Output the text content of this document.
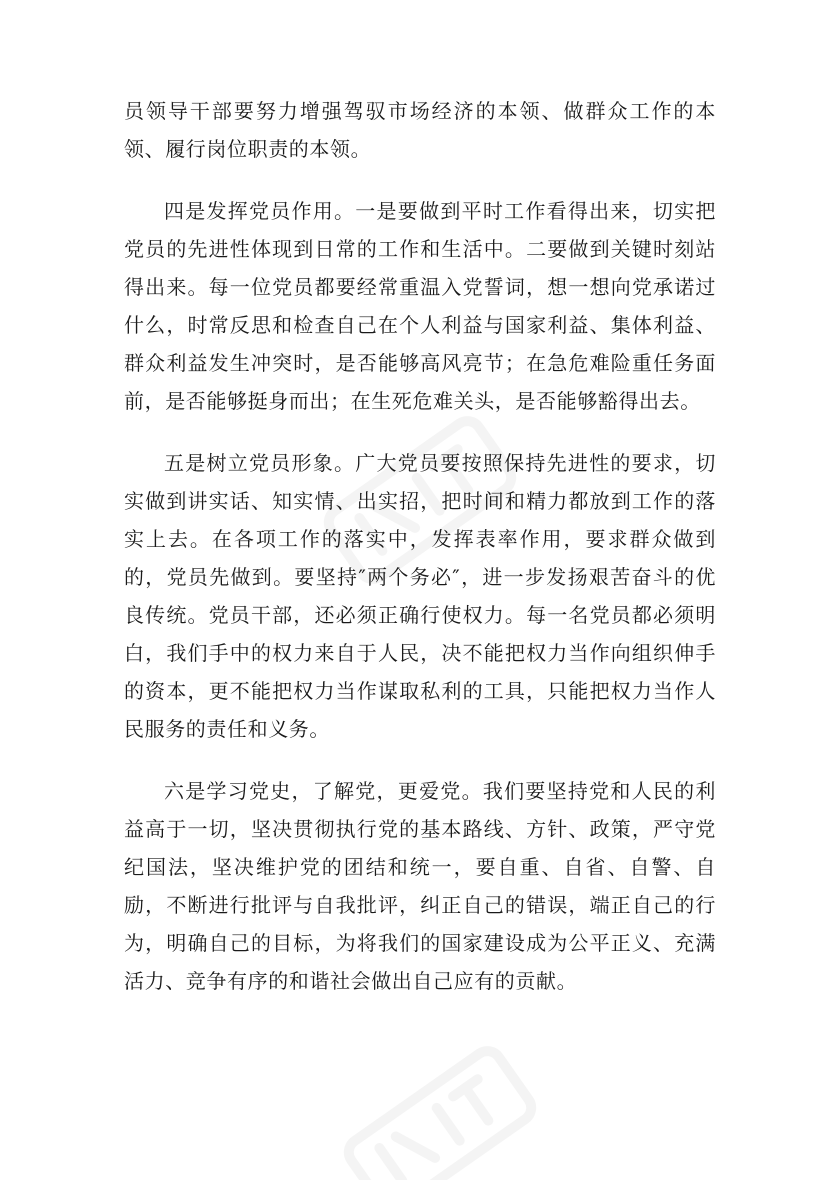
员领导干部要努力增强驾驭市场经济的本领、做群众工作的本领、履行岗位职责的本领。

四是发挥党员作用。一是要做到平时工作看得出来，切实把党员的先进性体现到日常的工作和生活中。二要做到关键时刻站得出来。每一位党员都要经常重温入党誓词，想一想向党承诺过什么，时常反思和检查自己在个人利益与国家利益、集体利益、群众利益发生冲突时，是否能够高风亮节；在急危难险重任务面前，是否能够挺身而出；在生死危难关头，是否能够豁得出去。

五是树立党员形象。广大党员要按照保持先进性的要求，切实做到讲实话、知实情、出实招，把时间和精力都放到工作的落实上去。在各项工作的落实中，发挥表率作用，要求群众做到的，党员先做到。要坚持″两个务必″，进一步发扬艰苦奋斗的优良传统。党员干部，还必须正确行使权力。每一名党员都必须明白，我们手中的权力来自于人民，决不能把权力当作向组织伸手的资本，更不能把权力当作谋取私利的工具，只能把权力当作人民服务的责任和义务。

六是学习党史，了解党，更爱党。我们要坚持党和人民的利益高于一切，坚决贯彻执行党的基本路线、方针、政策，严守党纪国法，坚决维护党的团结和统一，要自重、自省、自警、自励，不断进行批评与自我批评，纠正自己的错误，端正自己的行为，明确自己的目标，为将我们的国家建设成为公平正义、充满活力、竞争有序的和谐社会做出自己应有的贡献。
